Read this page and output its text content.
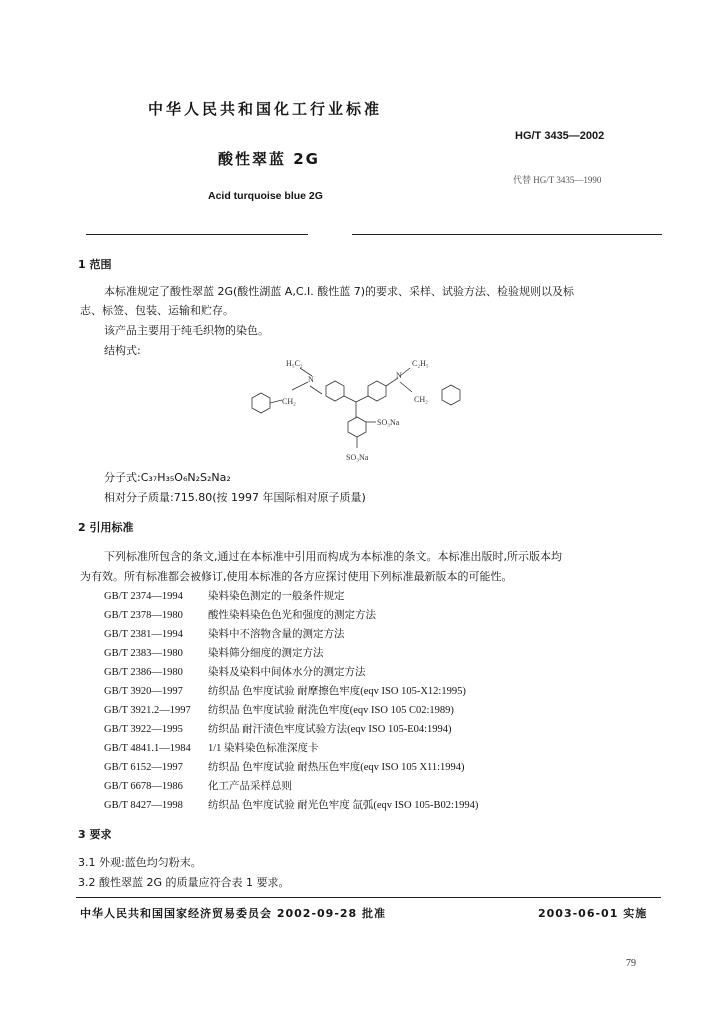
中华人民共和国化工行业标准
HG/T 3435—2002
酸性翠蓝 2G
代替 HG/T 3435—1990
Acid turquoise blue 2G
1 范围
本标准规定了酸性翠蓝 2G(酸性湖蓝 A,C.I. 酸性蓝 7)的要求、采样、试验方法、检验规则以及标
志、标签、包装、运输和贮存。
该产品主要用于纯毛织物的染色。
结构式:
H₅C₂	C₂H₅
CH₂
N	N
CH₂
SO₃Na
SO₃Na
分子式:C₃₇H₃₅O₆N₂S₂Na₂
相对分子质量:715.80(按 1997 年国际相对原子质量)
2 引用标准
下列标准所包含的条文,通过在本标准中引用而构成为本标准的条文。本标准出版时,所示版本均
为有效。所有标准都会被修订,使用本标准的各方应探讨使用下列标准最新版本的可能性。
GB/T 2374—1994 染料染色测定的一般条件规定
GB/T 2378—1980 酸性染料染色色光和强度的测定方法
GB/T 2381—1994 染料中不溶物含量的测定方法
GB/T 2383—1980 染料筛分细度的测定方法
GB/T 2386—1980 染料及染料中间体水分的测定方法
GB/T 3920—1997 纺织品 色牢度试验 耐摩擦色牢度(eqv ISO 105-X12:1995)
GB/T 3921.2—1997 纺织品 色牢度试验 耐洗色牢度(eqv ISO 105 C02:1989)
GB/T 3922—1995 纺织品 耐汗渍色牢度试验方法(eqv ISO 105-E04:1994)
GB/T 4841.1—1984 1/1 染料染色标准深度卡
GB/T 6152—1997 纺织品 色牢度试验 耐热压色牢度(eqv ISO 105 X11:1994)
GB/T 6678—1986 化工产品采样总则
GB/T 8427—1998 纺织品 色牢度试验 耐光色牢度 氙弧(eqv ISO 105-B02:1994)
3 要求
3.1 外观:蓝色均匀粉末。
3.2 酸性翠蓝 2G 的质量应符合表 1 要求。
中华人民共和国国家经济贸易委员会 2002-09-28 批准	2003-06-01 实施
79
